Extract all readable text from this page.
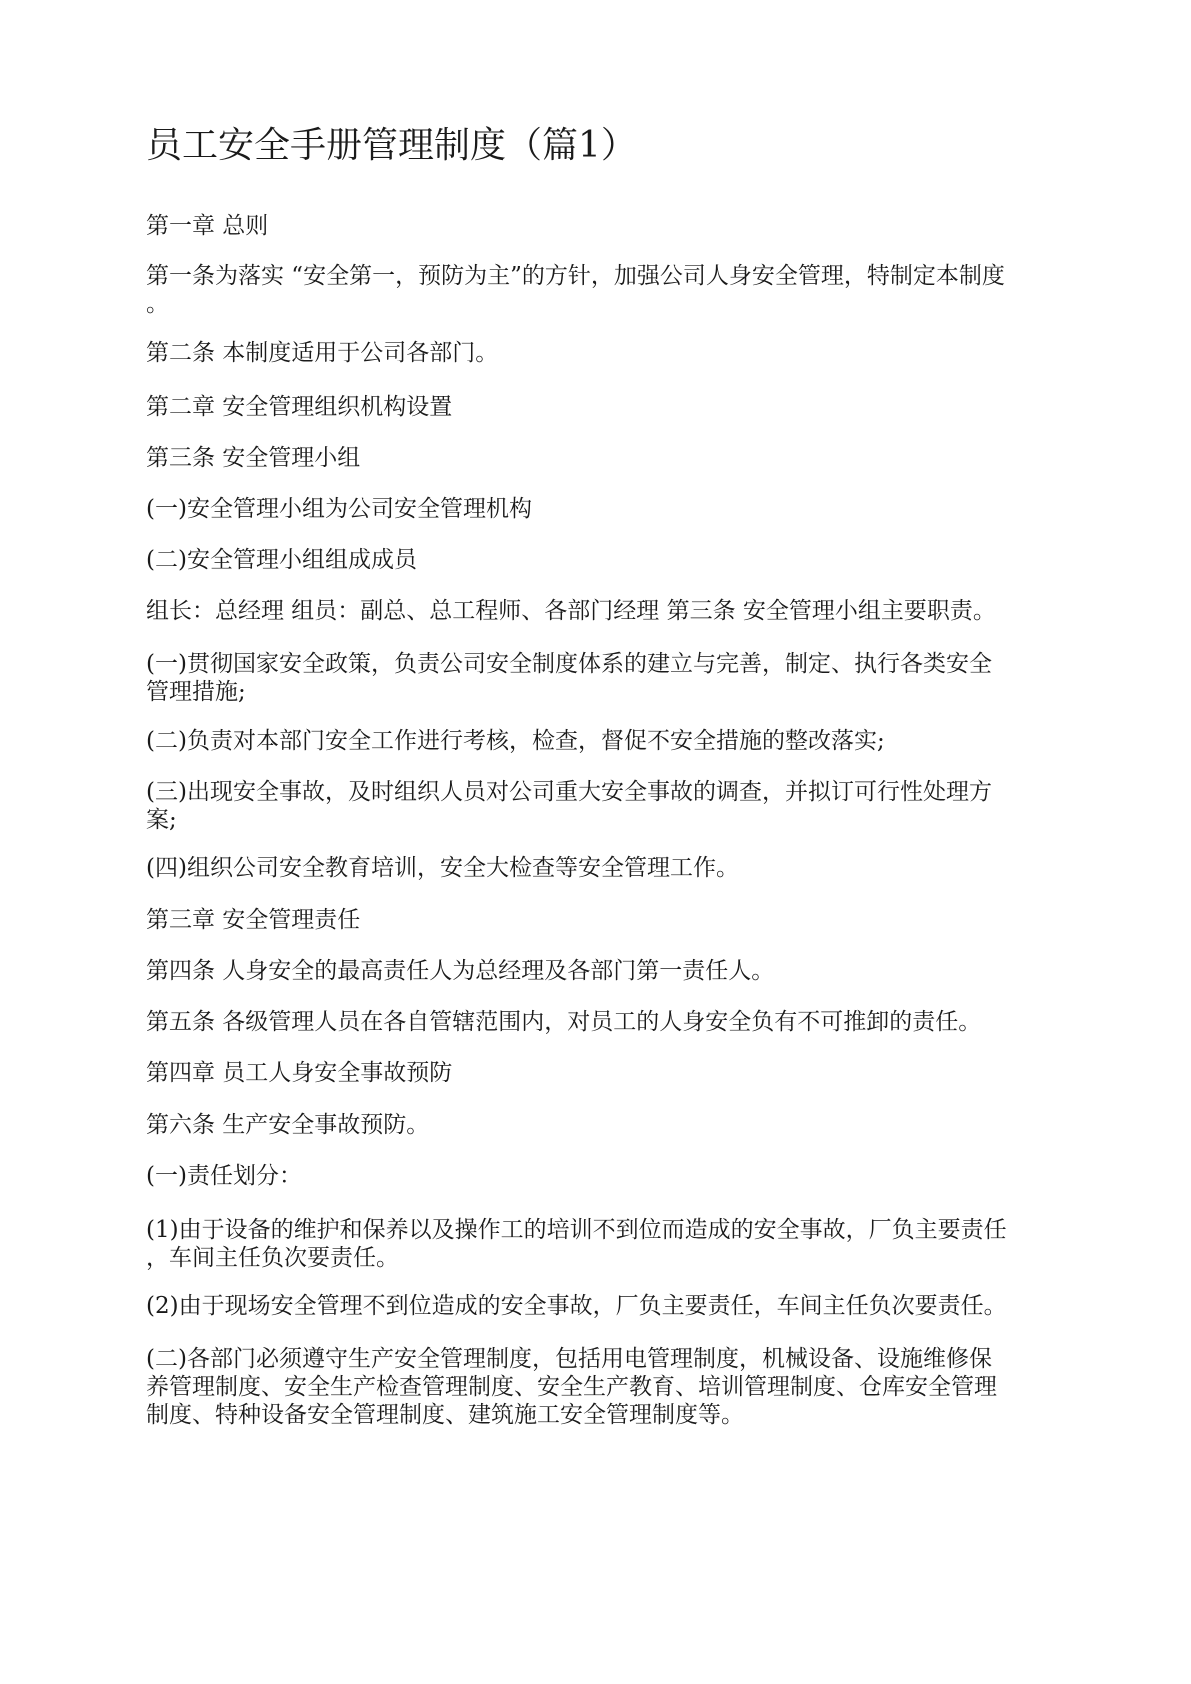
员工安全手册管理制度（篇1）

第一章 总则

第一条为落实 “安全第一，预防为主”的方针，加强公司人身安全管理，特制定本制度
。

第二条 本制度适用于公司各部门。

第二章 安全管理组织机构设置

第三条 安全管理小组

(一)安全管理小组为公司安全管理机构

(二)安全管理小组组成成员

组长：总经理 组员：副总、总工程师、各部门经理 第三条 安全管理小组主要职责。

(一)贯彻国家安全政策，负责公司安全制度体系的建立与完善，制定、执行各类安全
管理措施;

(二)负责对本部门安全工作进行考核，检查，督促不安全措施的整改落实;

(三)出现安全事故，及时组织人员对公司重大安全事故的调查，并拟订可行性处理方
案;

(四)组织公司安全教育培训，安全大检查等安全管理工作。

第三章 安全管理责任

第四条 人身安全的最高责任人为总经理及各部门第一责任人。

第五条 各级管理人员在各自管辖范围内，对员工的人身安全负有不可推卸的责任。

第四章 员工人身安全事故预防

第六条 生产安全事故预防。

(一)责任划分：

(1)由于设备的维护和保养以及操作工的培训不到位而造成的安全事故，厂负主要责任
，车间主任负次要责任。

(2)由于现场安全管理不到位造成的安全事故，厂负主要责任，车间主任负次要责任。

(二)各部门必须遵守生产安全管理制度，包括用电管理制度，机械设备、设施维修保
养管理制度、安全生产检查管理制度、安全生产教育、培训管理制度、仓库安全管理
制度、特种设备安全管理制度、建筑施工安全管理制度等。
